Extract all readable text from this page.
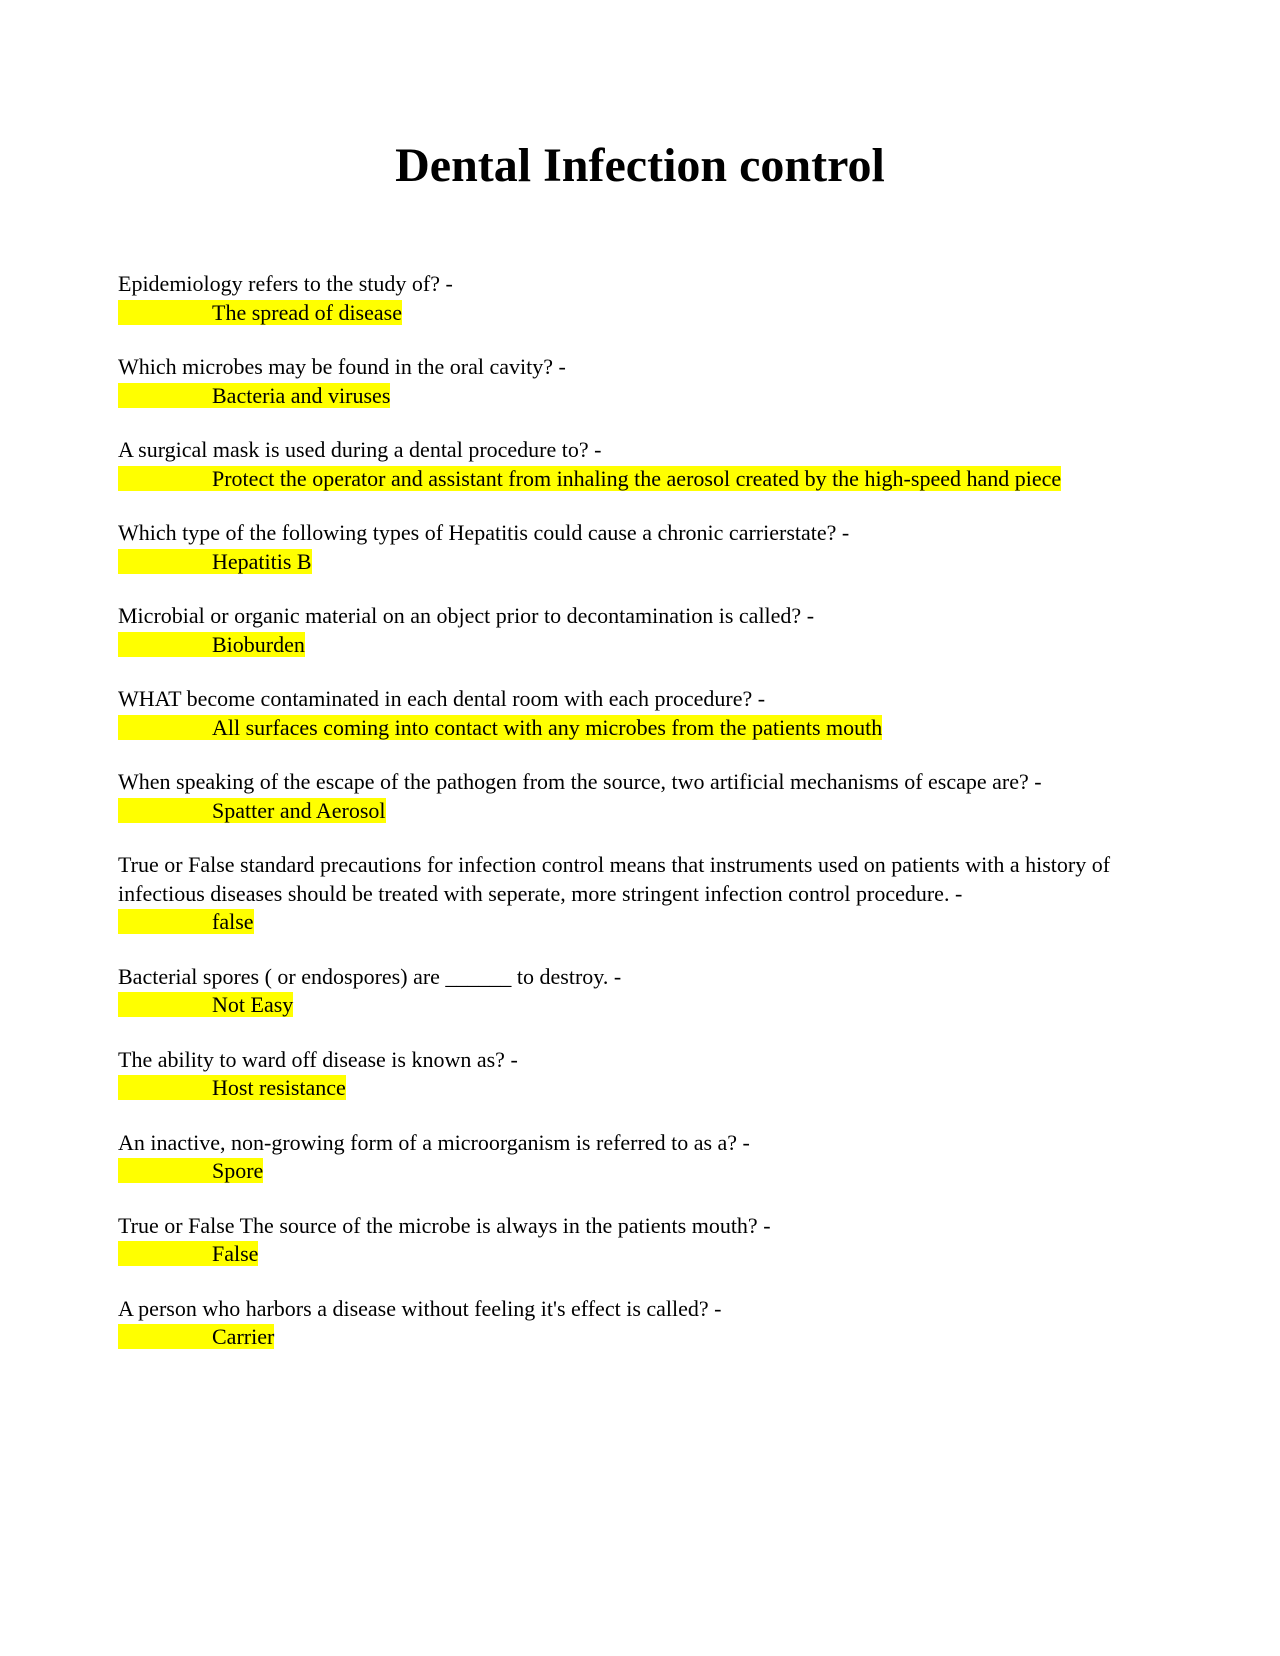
Dental Infection control
Epidemiology refers to the study of? -
The spread of disease
Which microbes may be found in the oral cavity? -
Bacteria and viruses
A surgical mask is used during a dental procedure to? -
Protect the operator and assistant from inhaling the aerosol created by the high-speed hand piece
Which type of the following types of Hepatitis could cause a chronic carrierstate? -
Hepatitis B
Microbial or organic material on an object prior to decontamination is called? -
Bioburden
WHAT become contaminated in each dental room with each procedure? -
All surfaces coming into contact with any microbes from the patients mouth
When speaking of the escape of the pathogen from the source, two artificial mechanisms of escape are? -
Spatter and Aerosol
True or False standard precautions for infection control means that instruments used on patients with a history of infectious diseases should be treated with seperate, more stringent infection control procedure. -
false
Bacterial spores ( or endospores) are ______ to destroy. -
Not Easy
The ability to ward off disease is known as? -
Host resistance
An inactive, non-growing form of a microorganism is referred to as a? -
Spore
True or False The source of the microbe is always in the patients mouth? -
False
A person who harbors a disease without feeling it's effect is called? -
Carrier
